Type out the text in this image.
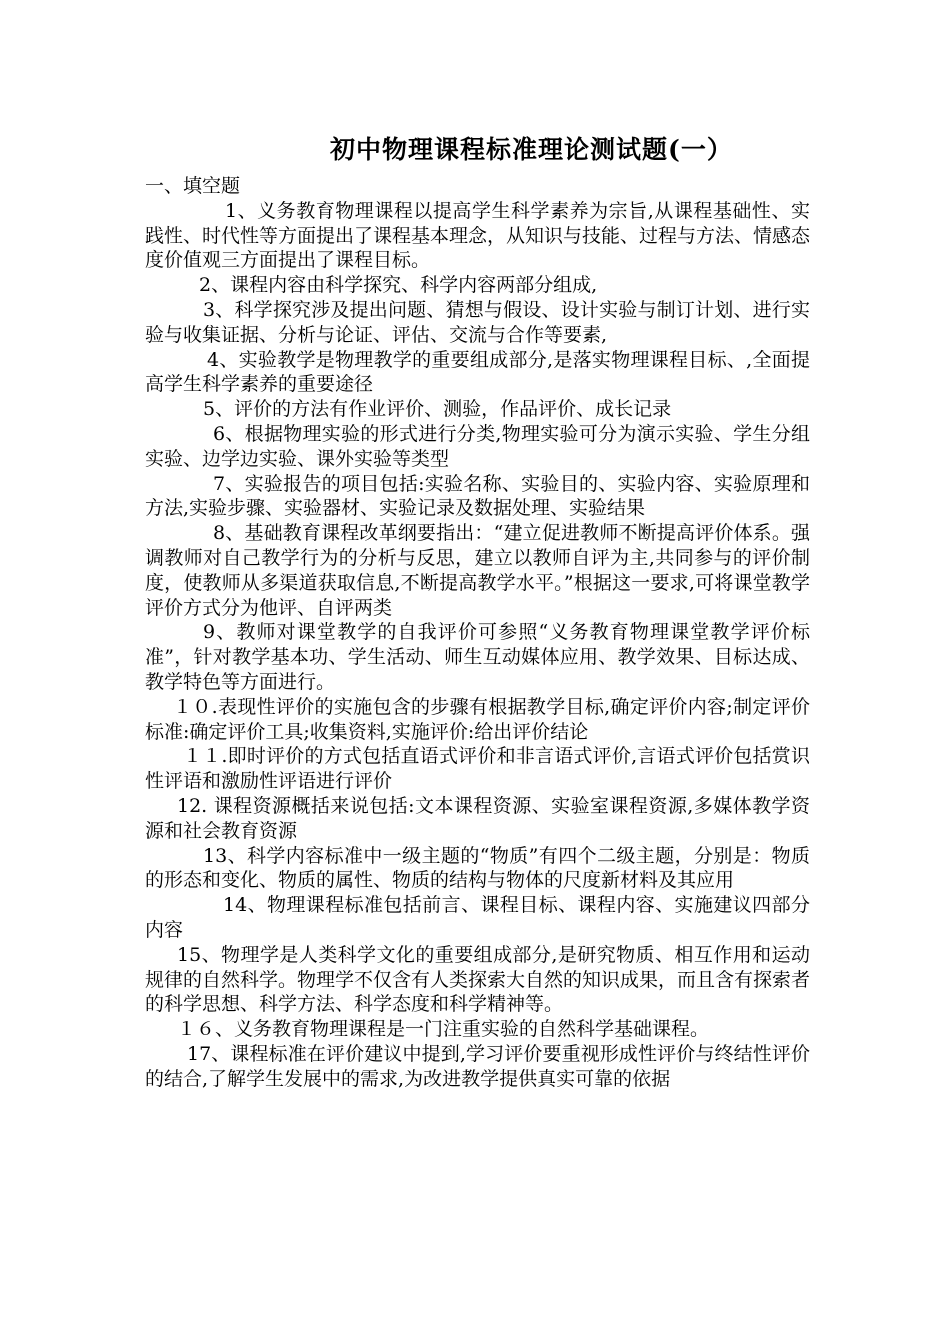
初中物理课程标准理论测试题(一）

一、填空题

1、义务教育物理课程以提高学生科学素养为宗旨,从课程基础性、实践性、时代性等方面提出了课程基本理念，从知识与技能、过程与方法、情感态度价值观三方面提出了课程目标。

2、课程内容由科学探究、科学内容两部分组成,

3、科学探究涉及提出问题、猜想与假设、设计实验与制订计划、进行实验与收集证据、分析与论证、评估、交流与合作等要素,

4、实验教学是物理教学的重要组成部分,是落实物理课程目标、,全面提高学生科学素养的重要途径

5、评价的方法有作业评价、测验，作品评价、成长记录

6、根据物理实验的形式进行分类,物理实验可分为演示实验、学生分组实验、边学边实验、课外实验等类型

7、实验报告的项目包括:实验名称、实验目的、实验内容、实验原理和方法,实验步骤、实验器材、实验记录及数据处理、实验结果

8、基础教育课程改革纲要指出：“建立促进教师不断提高评价体系。强调教师对自己教学行为的分析与反思，建立以教师自评为主,共同参与的评价制度，使教师从多渠道获取信息,不断提高教学水平。”根据这一要求,可将课堂教学评价方式分为他评、自评两类

9、教师对课堂教学的自我评价可参照“义务教育物理课堂教学评价标准”，针对教学基本功、学生活动、师生互动媒体应用、教学效果、目标达成、教学特色等方面进行。

１０.表现性评价的实施包含的步骤有根据教学目标,确定评价内容;制定评价标准:确定评价工具;收集资料,实施评价:给出评价结论

１１.即时评价的方式包括直语式评价和非言语式评价,言语式评价包括赏识性评语和激励性评语进行评价

12. 课程资源概括来说包括:文本课程资源、实验室课程资源,多媒体教学资源和社会教育资源

13、科学内容标准中一级主题的“物质”有四个二级主题，分别是：物质的形态和变化、物质的属性、物质的结构与物体的尺度新材料及其应用

14、物理课程标准包括前言、课程目标、课程内容、实施建议四部分内容

15、物理学是人类科学文化的重要组成部分,是研究物质、相互作用和运动规律的自然科学。物理学不仅含有人类探索大自然的知识成果，而且含有探索者的科学思想、科学方法、科学态度和科学精神等。

１６、义务教育物理课程是一门注重实验的自然科学基础课程。

17、课程标准在评价建议中提到,学习评价要重视形成性评价与终结性评价的结合,了解学生发展中的需求,为改进教学提供真实可靠的依据
